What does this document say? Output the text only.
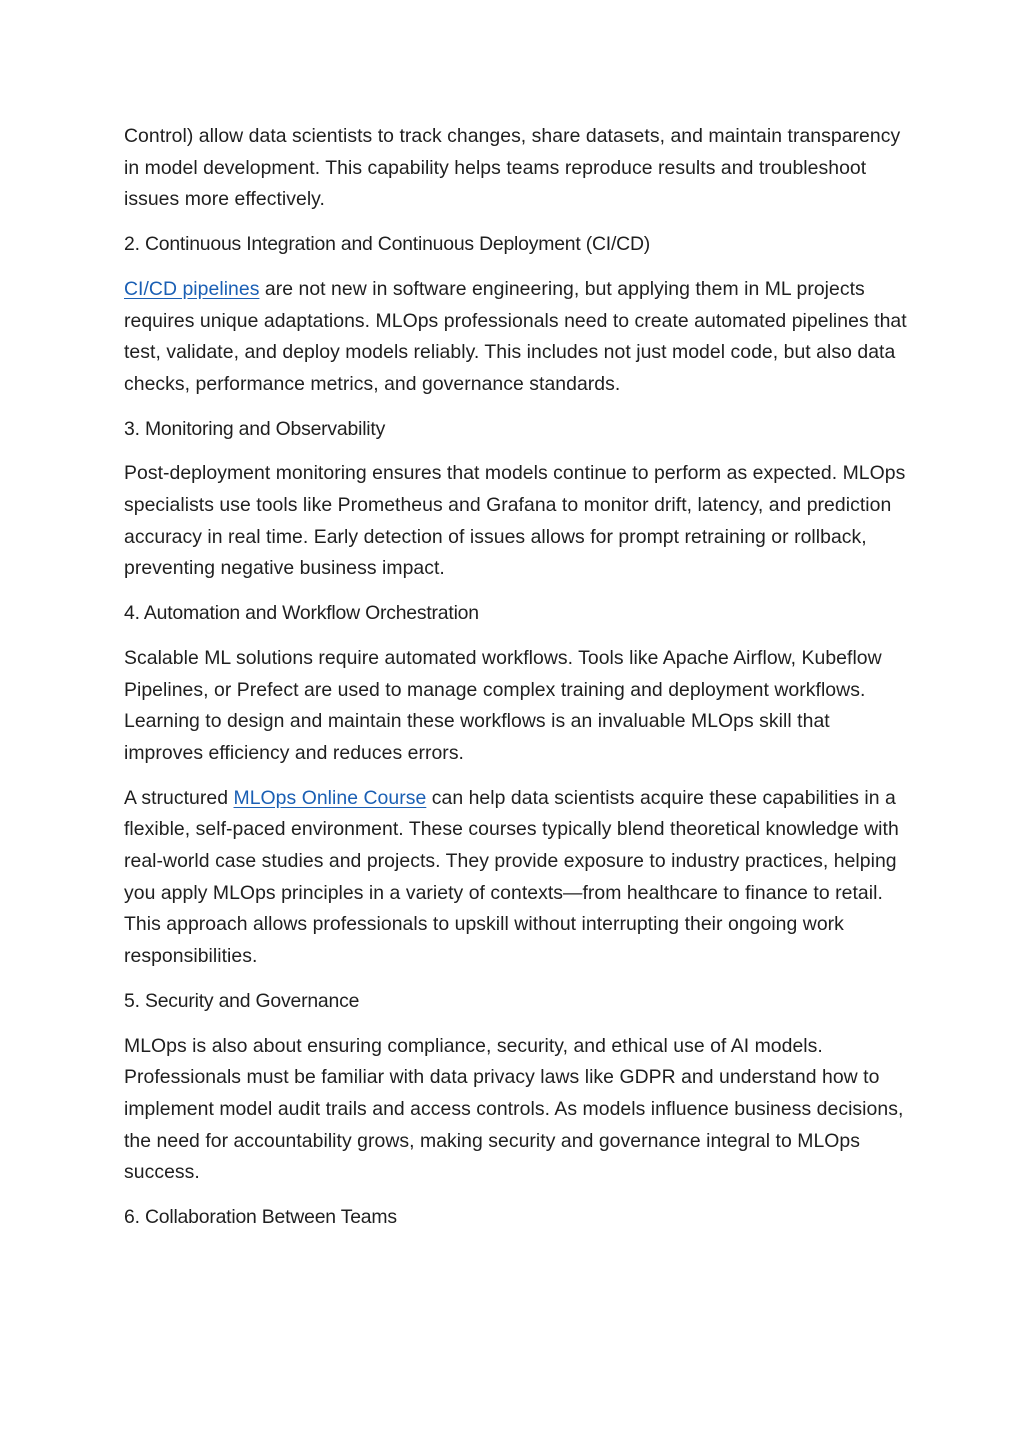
Control) allow data scientists to track changes, share datasets, and maintain transparency in model development. This capability helps teams reproduce results and troubleshoot issues more effectively.

2. Continuous Integration and Continuous Deployment (CI/CD)

CI/CD pipelines are not new in software engineering, but applying them in ML projects requires unique adaptations. MLOps professionals need to create automated pipelines that test, validate, and deploy models reliably. This includes not just model code, but also data checks, performance metrics, and governance standards.

3. Monitoring and Observability

Post-deployment monitoring ensures that models continue to perform as expected. MLOps specialists use tools like Prometheus and Grafana to monitor drift, latency, and prediction accuracy in real time. Early detection of issues allows for prompt retraining or rollback, preventing negative business impact.

4. Automation and Workflow Orchestration

Scalable ML solutions require automated workflows. Tools like Apache Airflow, Kubeflow Pipelines, or Prefect are used to manage complex training and deployment workflows. Learning to design and maintain these workflows is an invaluable MLOps skill that improves efficiency and reduces errors.

A structured MLOps Online Course can help data scientists acquire these capabilities in a flexible, self-paced environment. These courses typically blend theoretical knowledge with real-world case studies and projects. They provide exposure to industry practices, helping you apply MLOps principles in a variety of contexts—from healthcare to finance to retail. This approach allows professionals to upskill without interrupting their ongoing work responsibilities.

5. Security and Governance

MLOps is also about ensuring compliance, security, and ethical use of AI models. Professionals must be familiar with data privacy laws like GDPR and understand how to implement model audit trails and access controls. As models influence business decisions, the need for accountability grows, making security and governance integral to MLOps success.

6. Collaboration Between Teams
